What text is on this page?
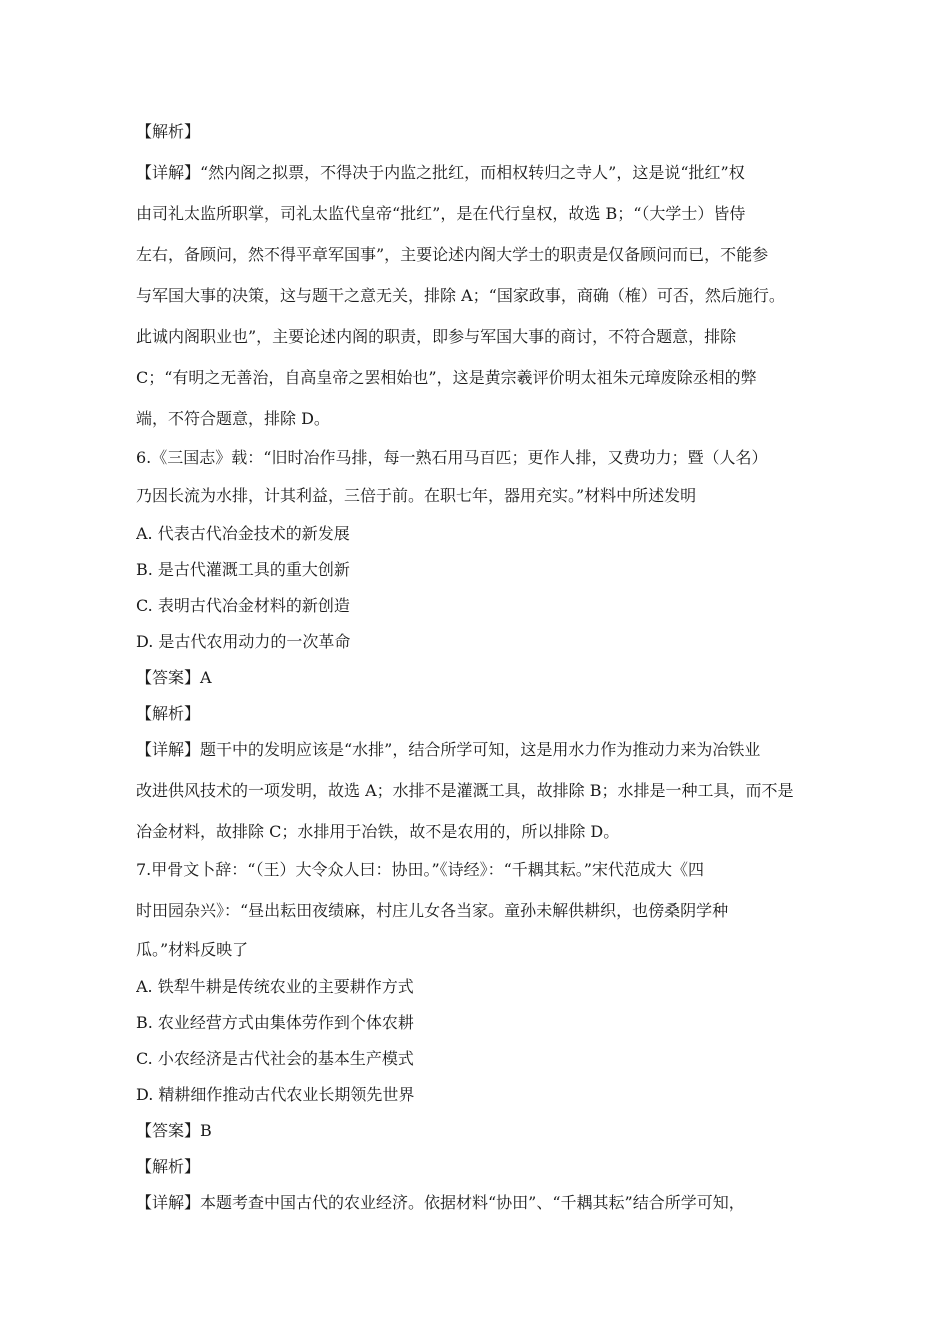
【解析】
【详解】“然内阁之拟票，不得决于内监之批红，而相权转归之寺人”，这是说“批红”权
由司礼太监所职掌，司礼太监代皇帝“批红”，是在代行皇权，故选 B；“（大学士）皆侍
左右，备顾问，然不得平章军国事”，主要论述内阁大学士的职责是仅备顾问而已，不能参
与军国大事的决策，这与题干之意无关，排除 A；“国家政事，商确（榷）可否，然后施行。
此诚内阁职业也”，主要论述内阁的职责，即参与军国大事的商讨，不符合题意，排除
C；“有明之无善治，自高皇帝之罢相始也”，这是黄宗羲评价明太祖朱元璋废除丞相的弊
端，不符合题意，排除 D。
6.《三国志》载：“旧时冶作马排，每一熟石用马百匹；更作人排，又费功力；暨（人名）
乃因长流为水排，计其利益，三倍于前。在职七年，器用充实。”材料中所述发明
A. 代表古代冶金技术的新发展
B. 是古代灌溉工具的重大创新
C. 表明古代冶金材料的新创造
D. 是古代农用动力的一次革命
【答案】A
【解析】
【详解】题干中的发明应该是“水排”，结合所学可知，这是用水力作为推动力来为冶铁业
改进供风技术的一项发明，故选 A；水排不是灌溉工具，故排除 B；水排是一种工具，而不是
冶金材料，故排除 C；水排用于冶铁，故不是农用的，所以排除 D。
7.甲骨文卜辞：“（王）大令众人曰：协田。”《诗经》：“千耦其耘。”宋代范成大《四
时田园杂兴》：“昼出耘田夜绩麻，村庄儿女各当家。童孙未解供耕织，也傍桑阴学种
瓜。”材料反映了
A. 铁犁牛耕是传统农业的主要耕作方式
B. 农业经营方式由集体劳作到个体农耕
C. 小农经济是古代社会的基本生产模式
D. 精耕细作推动古代农业长期领先世界
【答案】B
【解析】
【详解】本题考查中国古代的农业经济。依据材料“协田”、“千耦其耘”结合所学可知，
